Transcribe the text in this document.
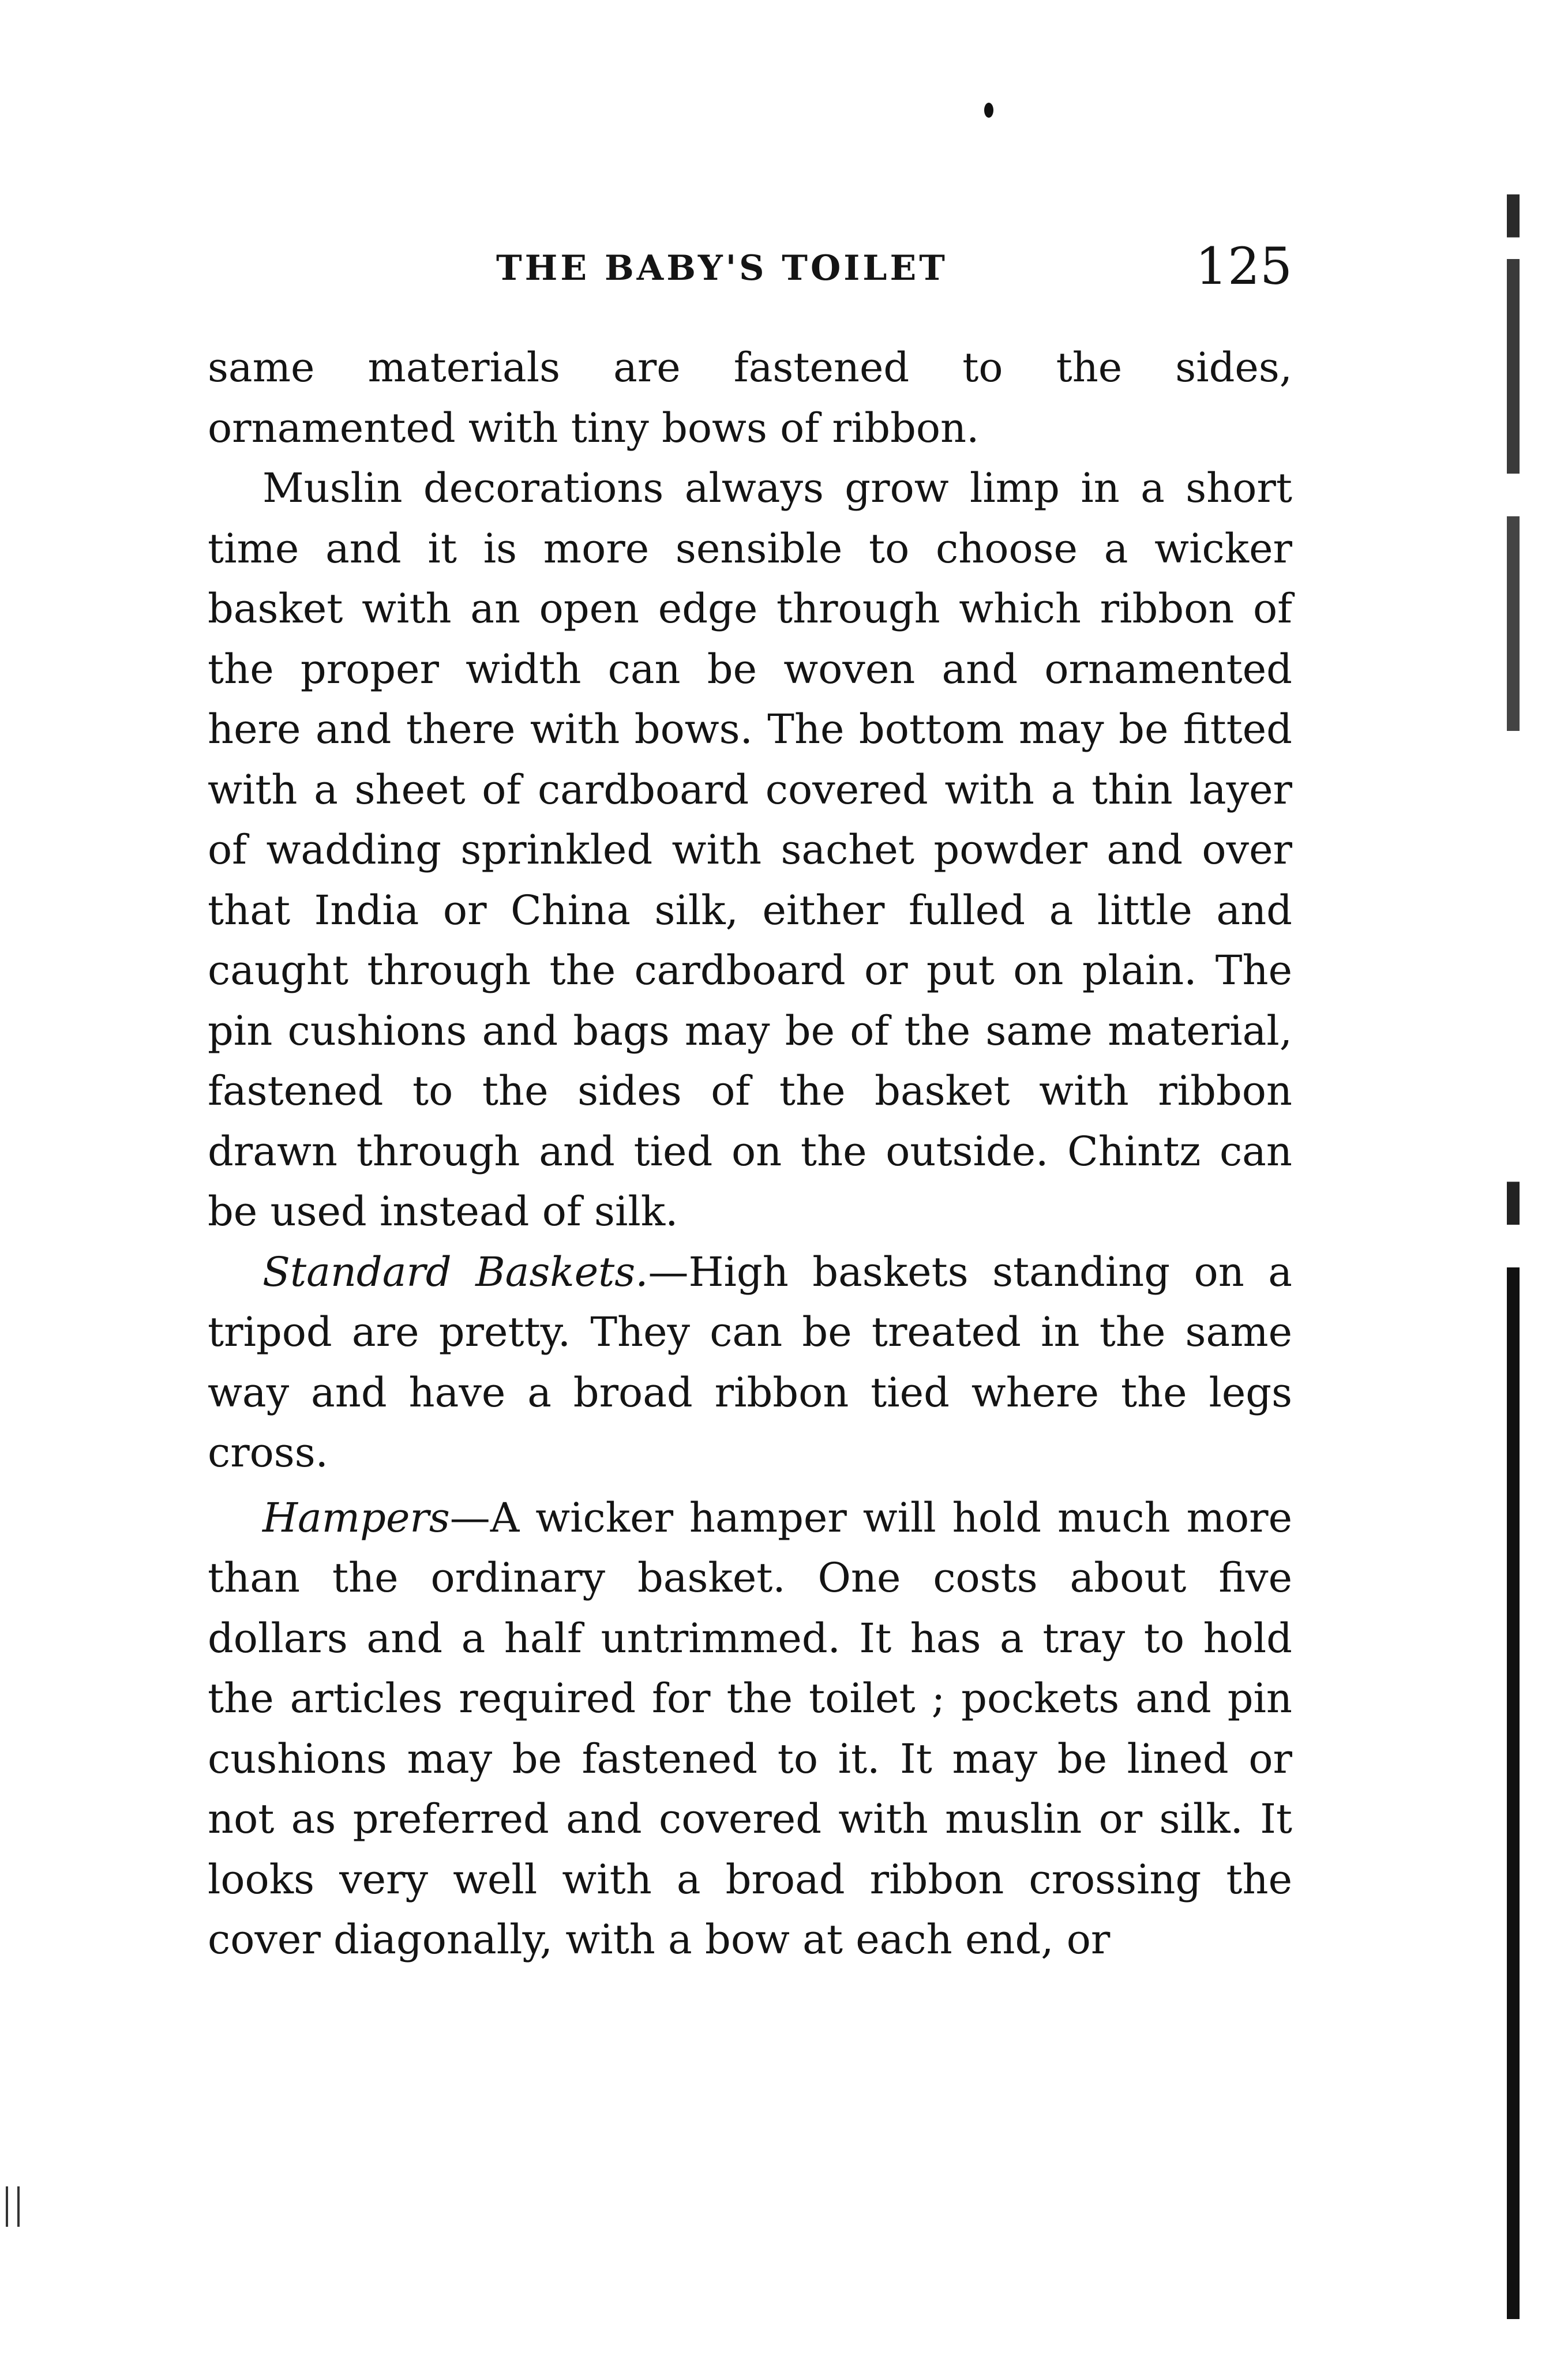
THE BABY'S TOILET	125

same materials are fastened to the sides, ornamented with tiny bows of ribbon.

Muslin decorations always grow limp in a short time and it is more sensible to choose a wicker basket with an open edge through which ribbon of the proper width can be woven and ornamented here and there with bows. The bottom may be fitted with a sheet of cardboard covered with a thin layer of wadding sprinkled with sachet powder and over that India or China silk, either fulled a little and caught through the cardboard or put on plain. The pin cushions and bags may be of the same material, fastened to the sides of the basket with ribbon drawn through and tied on the outside. Chintz can be used instead of silk.

Standard Baskets.—High baskets standing on a tripod are pretty. They can be treated in the same way and have a broad ribbon tied where the legs cross.

Hampers—A wicker hamper will hold much more than the ordinary basket. One costs about five dollars and a half untrimmed. It has a tray to hold the articles required for the toilet ; pockets and pin cushions may be fastened to it. It may be lined or not as preferred and covered with muslin or silk. It looks very well with a broad ribbon crossing the cover diagonally, with a bow at each end, or
